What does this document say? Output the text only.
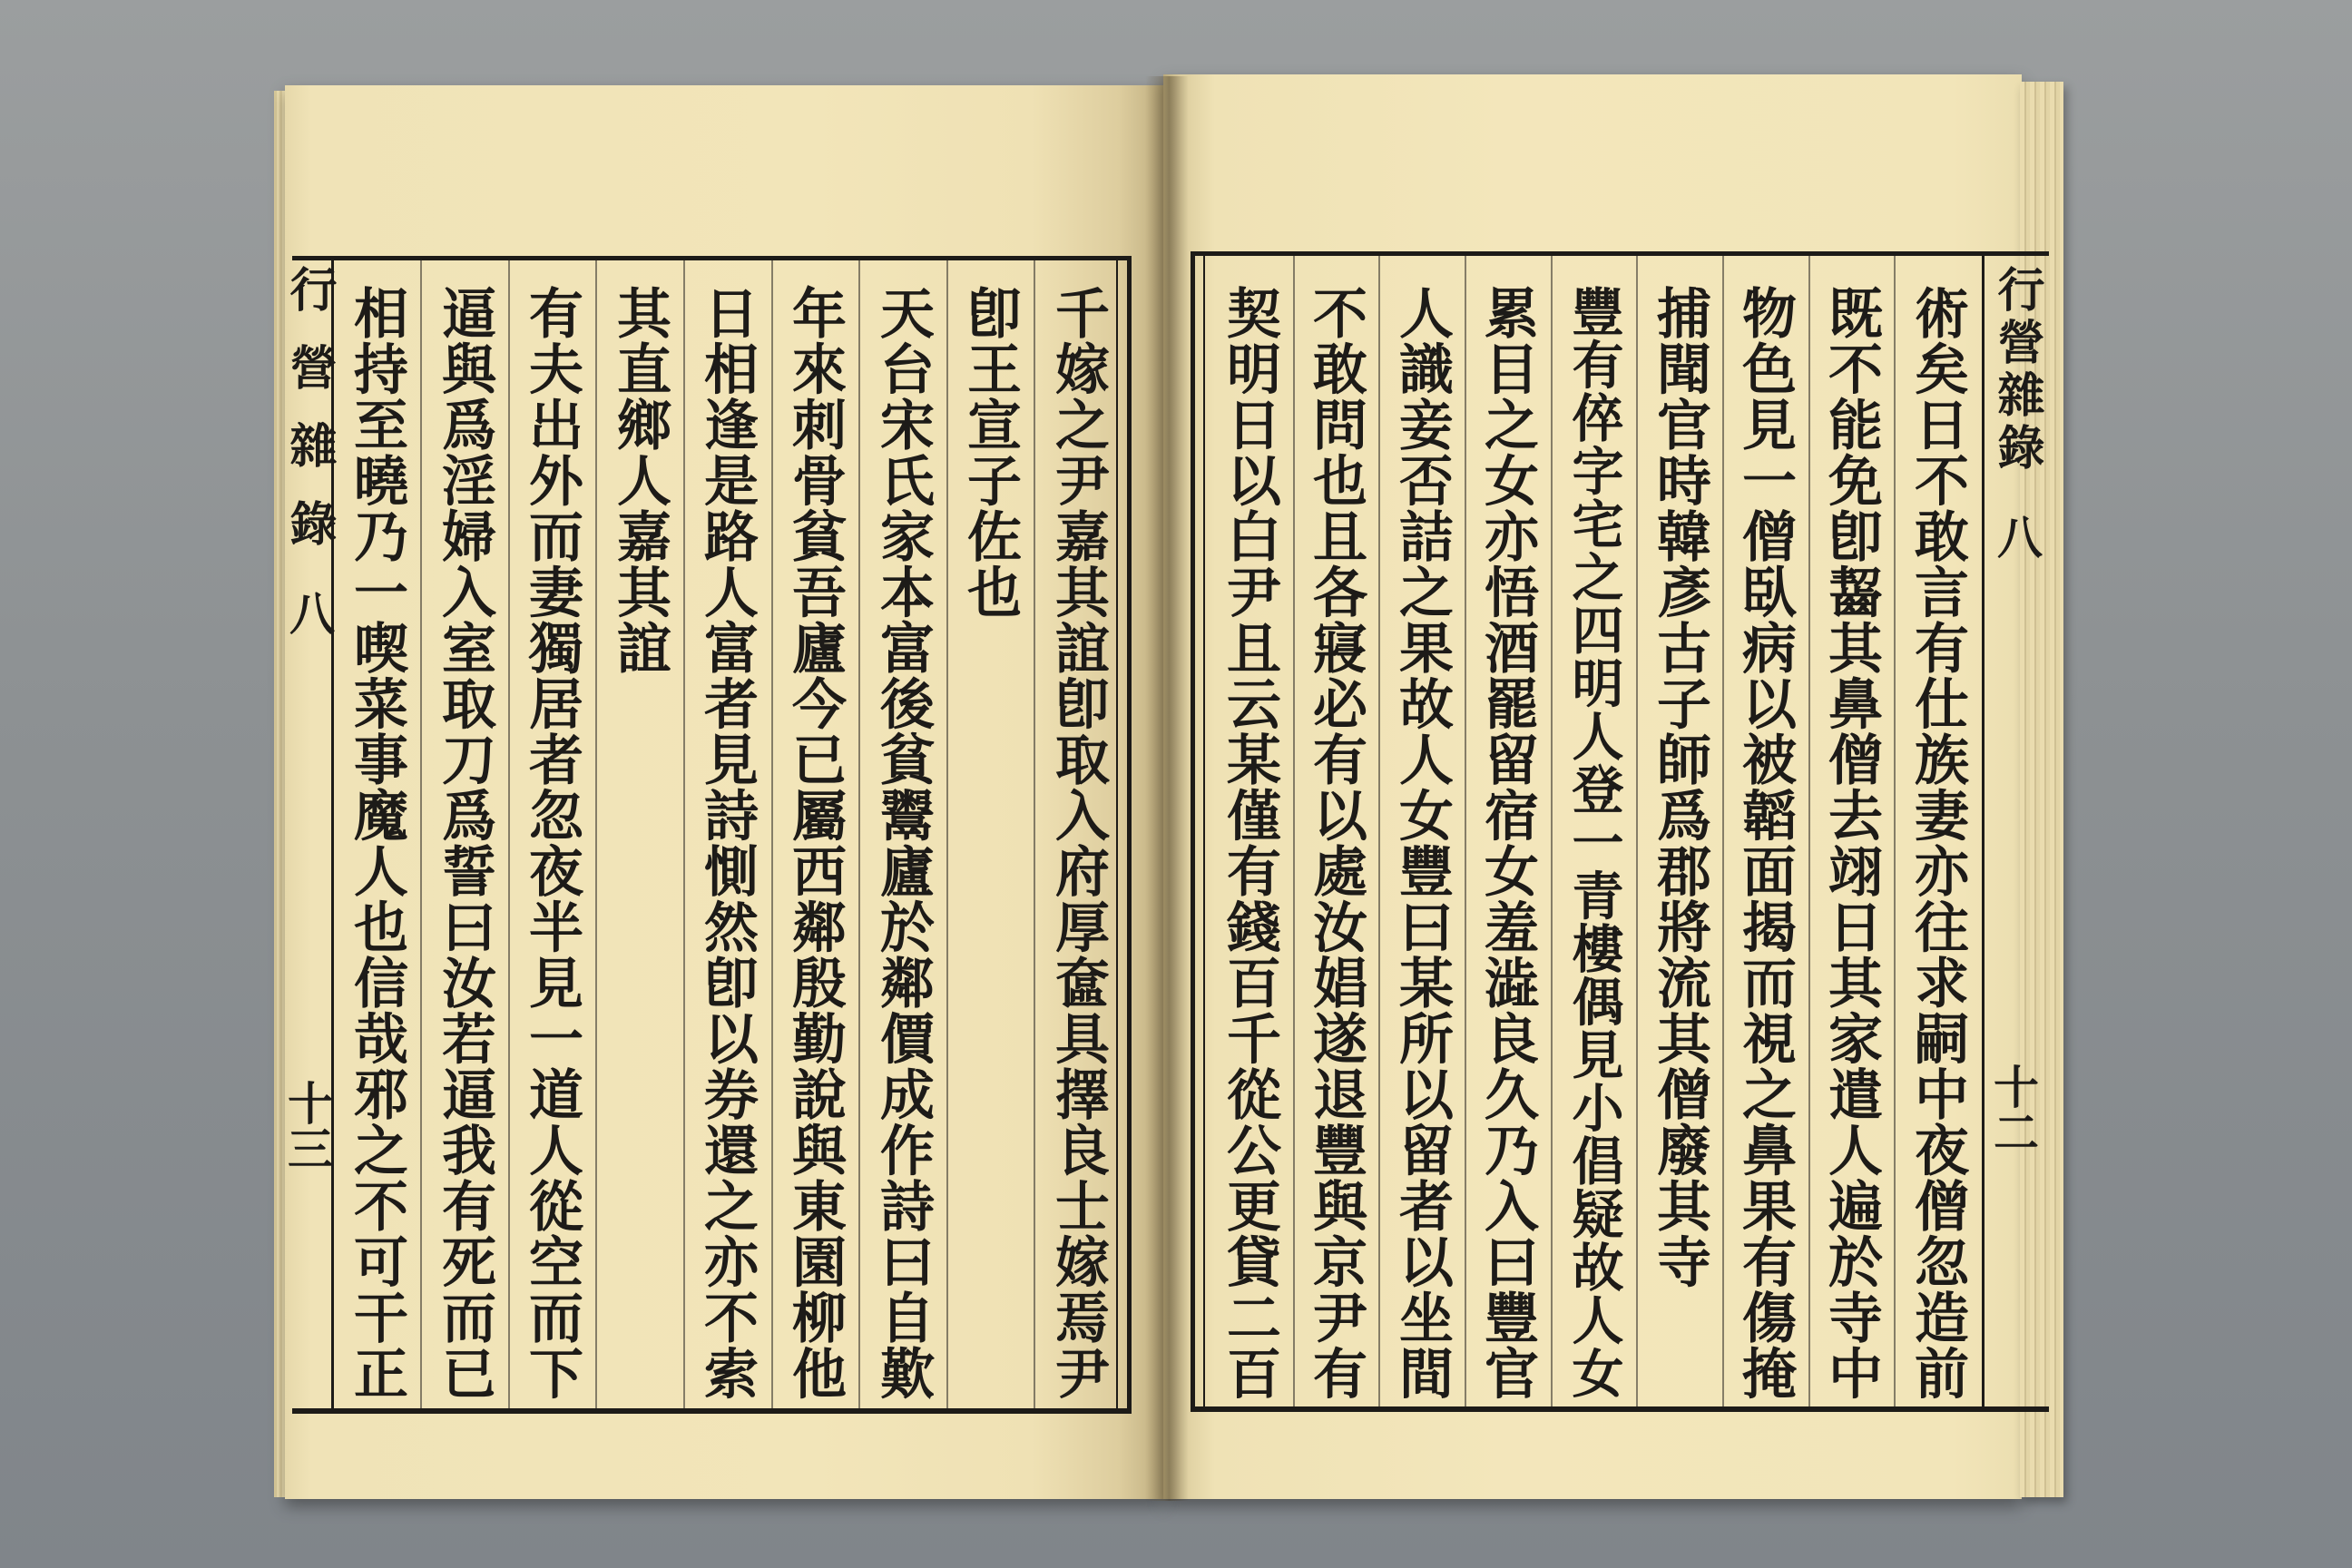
行營雜錄
八
十二
術矣日不敢言有仕族妻亦往求嗣中夜僧忽造前
既不能免卽齧其鼻僧去翊日其家遣人遍於寺中
物色見一僧臥病以被韜面揭而視之鼻果有傷掩
捕聞官時韓彥古子師爲郡將流其僧廢其寺
豐有倅字宅之四明人登一青樓偶見小倡疑故人女
累目之女亦悟酒罷留宿女羞澁良久乃入曰豐官
人識妾否詰之果故人女豐曰某所以留者以坐間
不敢問也且各寢必有以處汝娼遂退豐與京尹有
契明日以白尹且云某僅有錢百千從公更貸二百
行營雜錄
八
十三	千嫁之尹嘉其誼卽取入府厚奩具擇良士嫁焉尹
卽王宣子佐也
天台宋氏家本富後貧鬻廬於鄰價成作詩曰自歎
年來刺骨貧吾廬今已屬西鄰殷勤說與東園柳他
日相逢是路人富者見詩惻然卽以券還之亦不索
其直鄉人嘉其誼
有夫出外而妻獨居者忽夜半見一道人從空而下
逼與爲淫婦入室取刀爲誓曰汝若逼我有死而已
相持至曉乃一喫菜事魔人也信哉邪之不可干正
